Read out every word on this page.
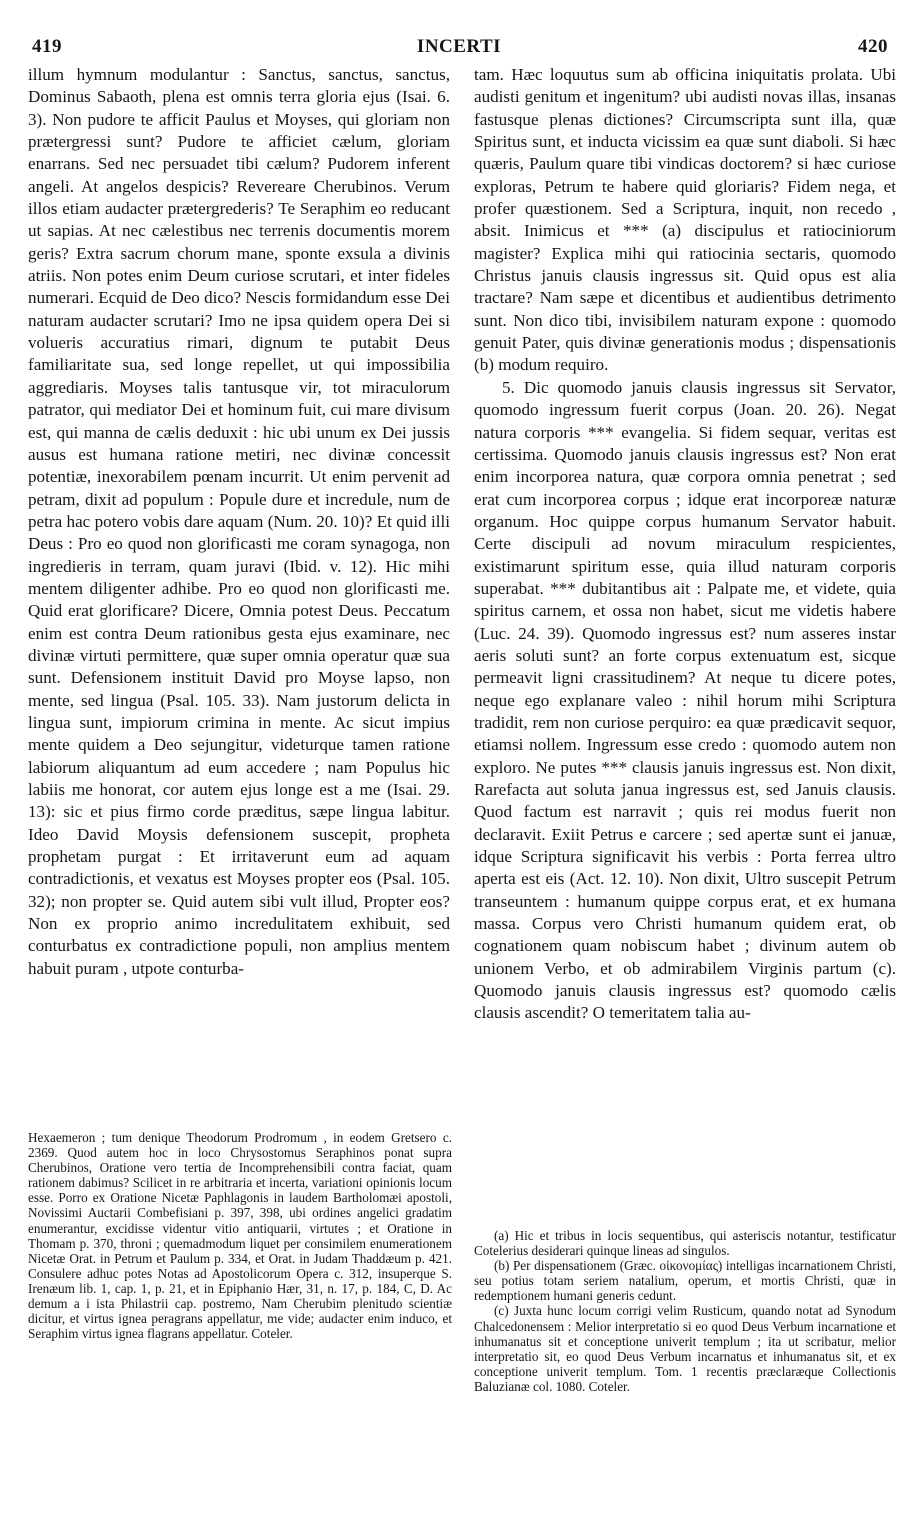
419	INCERTI	420

illum hymnum modulantur : Sanctus, sanctus, sanctus, Dominus Sabaoth, plena est omnis terra gloria ejus (Isai. 6. 3). Non pudore te afficit Paulus et Moyses, qui gloriam non prætergressi sunt? Pudore te afficiet cælum, gloriam enarrans. Sed nec persuadet tibi cælum? Pudorem inferent angeli. At angelos despicis? Revereare Cherubinos. Verum illos etiam audacter prætergrederis? Te Seraphim eo reducant ut sapias. At nec cælestibus nec terrenis documentis morem geris? Extra sacrum chorum mane, sponte exsula a divinis atriis. Non potes enim Deum curiose scrutari, et inter fideles numerari. Ecquid de Deo dico? Nescis formidandum esse Dei naturam audacter scrutari? Imo ne ipsa quidem opera Dei si volueris accuratius rimari, dignum te putabit Deus familiaritate sua, sed longe repellet, ut qui impossibilia aggrediaris. Moyses talis tantusque vir, tot miraculorum patrator, qui mediator Dei et hominum fuit, cui mare divisum est, qui manna de cælis deduxit : hic ubi unum ex Dei jussis ausus est humana ratione metiri, nec divinæ concessit potentiæ, inexorabilem pœnam incurrit. Ut enim pervenit ad petram, dixit ad populum : Popule dure et incredule, num de petra hac potero vobis dare aquam (Num. 20. 10)? Et quid illi Deus : Pro eo quod non glorificasti me coram synagoga, non ingredieris in terram, quam juravi (Ibid. v. 12). Hic mihi mentem diligenter adhibe. Pro eo quod non glorificasti me. Quid erat glorificare? Dicere, Omnia potest Deus. Peccatum enim est contra Deum rationibus gesta ejus examinare, nec divinæ virtuti permittere, quæ super omnia operatur quæ sua sunt. Defensionem instituit David pro Moyse lapso, non mente, sed lingua (Psal. 105. 33). Nam justorum delicta in lingua sunt, impiorum crimina in mente. Ac sicut impius mente quidem a Deo sejungitur, videturque tamen ratione labiorum aliquantum ad eum accedere ; nam Populus hic labiis me honorat, cor autem ejus longe est a me (Isai. 29. 13): sic et pius firmo corde præditus, sæpe lingua labitur. Ideo David Moysis defensionem suscepit, propheta prophetam purgat : Et irritaverunt eum ad aquam contradictionis, et vexatus est Moyses propter eos (Psal. 105. 32); non propter se. Quid autem sibi vult illud, Propter eos? Non ex proprio animo incredulitatem exhibuit, sed conturbatus ex contradictione populi, non amplius mentem habuit puram , utpote conturba-

tam. Hæc loquutus sum ab officina iniquitatis prolata. Ubi audisti genitum et ingenitum? ubi audisti novas illas, insanas fastusque plenas dictiones? Circumscripta sunt illa, quæ Spiritus sunt, et inducta vicissim ea quæ sunt diaboli. Si hæc quæris, Paulum quare tibi vindicas doctorem? si hæc curiose exploras, Petrum te habere quid gloriaris? Fidem nega, et profer quæstionem. Sed a Scriptura, inquit, non recedo , absit. Inimicus et *** (a) discipulus et ratiociniorum magister? Explica mihi qui ratiocinia sectaris, quomodo Christus januis clausis ingressus sit. Quid opus est alia tractare? Nam sæpe et dicentibus et audientibus detrimento sunt. Non dico tibi, invisibilem naturam expone : quomodo genuit Pater, quis divinæ generationis modus ; dispensationis (b) modum requiro.

5. Dic quomodo januis clausis ingressus sit Servator, quomodo ingressum fuerit corpus (Joan. 20. 26). Negat natura corporis *** evangelia. Si fidem sequar, veritas est certissima. Quomodo januis clausis ingressus est? Non erat enim incorporea natura, quæ corpora omnia penetrat ; sed erat cum incorporea corpus ; idque erat incorporeæ naturæ organum. Hoc quippe corpus humanum Servator habuit. Certe discipuli ad novum miraculum respicientes, existimarunt spiritum esse, quia illud naturam corporis superabat. *** dubitantibus ait : Palpate me, et videte, quia spiritus carnem, et ossa non habet, sicut me videtis habere (Luc. 24. 39). Quomodo ingressus est? num asseres instar aeris soluti sunt? an forte corpus extenuatum est, sicque permeavit ligni crassitudinem? At neque tu dicere potes, neque ego explanare valeo : nihil horum mihi Scriptura tradidit, rem non curiose perquiro: ea quæ prædicavit sequor, etiamsi nollem. Ingressum esse credo : quomodo autem non exploro. Ne putes *** clausis januis ingressus est. Non dixit, Rarefacta aut soluta janua ingressus est, sed Januis clausis. Quod factum est narravit ; quis rei modus fuerit non declaravit. Exiit Petrus e carcere ; sed apertæ sunt ei januæ, idque Scriptura significavit his verbis : Porta ferrea ultro aperta est eis (Act. 12. 10). Non dixit, Ultro suscepit Petrum transeuntem : humanum quippe corpus erat, et ex humana massa. Corpus vero Christi humanum quidem erat, ob cognationem quam nobiscum habet ; divinum autem ob unionem Verbo, et ob admirabilem Virginis partum (c). Quomodo januis clausis ingressus est? quomodo cælis clausis ascendit? O temeritatem talia au-

Hexaemeron ; tum denique Theodorum Prodromum , in eodem Gretsero c. 2369. Quod autem hoc in loco Chrysostomus Seraphinos ponat supra Cherubinos, Oratione vero tertia de Incomprehensibili contra faciat, quam rationem dabimus? Scilicet in re arbitraria et incerta, variationi opinionis locum esse. Porro ex Oratione Nicetæ Paphlagonis in laudem Bartholomæi apostoli, Novissimi Auctarii Combefisiani p. 397, 398, ubi ordines angelici gradatim enumerantur, excidisse videntur vitio antiquarii, virtutes ; et Oratione in Thomam p. 370, throni ; quemadmodum liquet per consimilem enumerationem Nicetæ Orat. in Petrum et Paulum p. 334, et Orat. in Judam Thaddæum p. 421. Consulere adhuc potes Notas ad Apostolicorum Opera c. 312, insuperque S. Irenæum lib. 1, cap. 1, p. 21, et in Epiphanio Hær, 31, n. 17, p. 184, C, D. Ac demum a i ista Philastrii cap. postremo, Nam Cherubim plenitudo scientiæ dicitur, et virtus ignea peragrans appellatur, me vide; audacter enim induco, et Seraphim virtus ignea flagrans appellatur. Coteler.

(a) Hic et tribus in locis sequentibus, qui asteriscis notantur, testificatur Cotelerius desiderari quinque lineas ad singulos.

(b) Per dispensationem (Græc. οἰκονομίας) intelligas incarnationem Christi, seu potius totam seriem natalium, operum, et mortis Christi, quæ in redemptionem humani generis cedunt.

(c) Juxta hunc locum corrigi velim Rusticum, quando notat ad Synodum Chalcedonensem : Melior interpretatio si eo quod Deus Verbum incarnatione et inhumanatus sit et conceptione univerit templum ; ita ut scribatur, melior interpretatio sit, eo quod Deus Verbum incarnatus et inhumanatus sit, et ex conceptione univerit templum. Tom. 1 recentis præclaræque Collectionis Baluzianæ col. 1080. Coteler.
